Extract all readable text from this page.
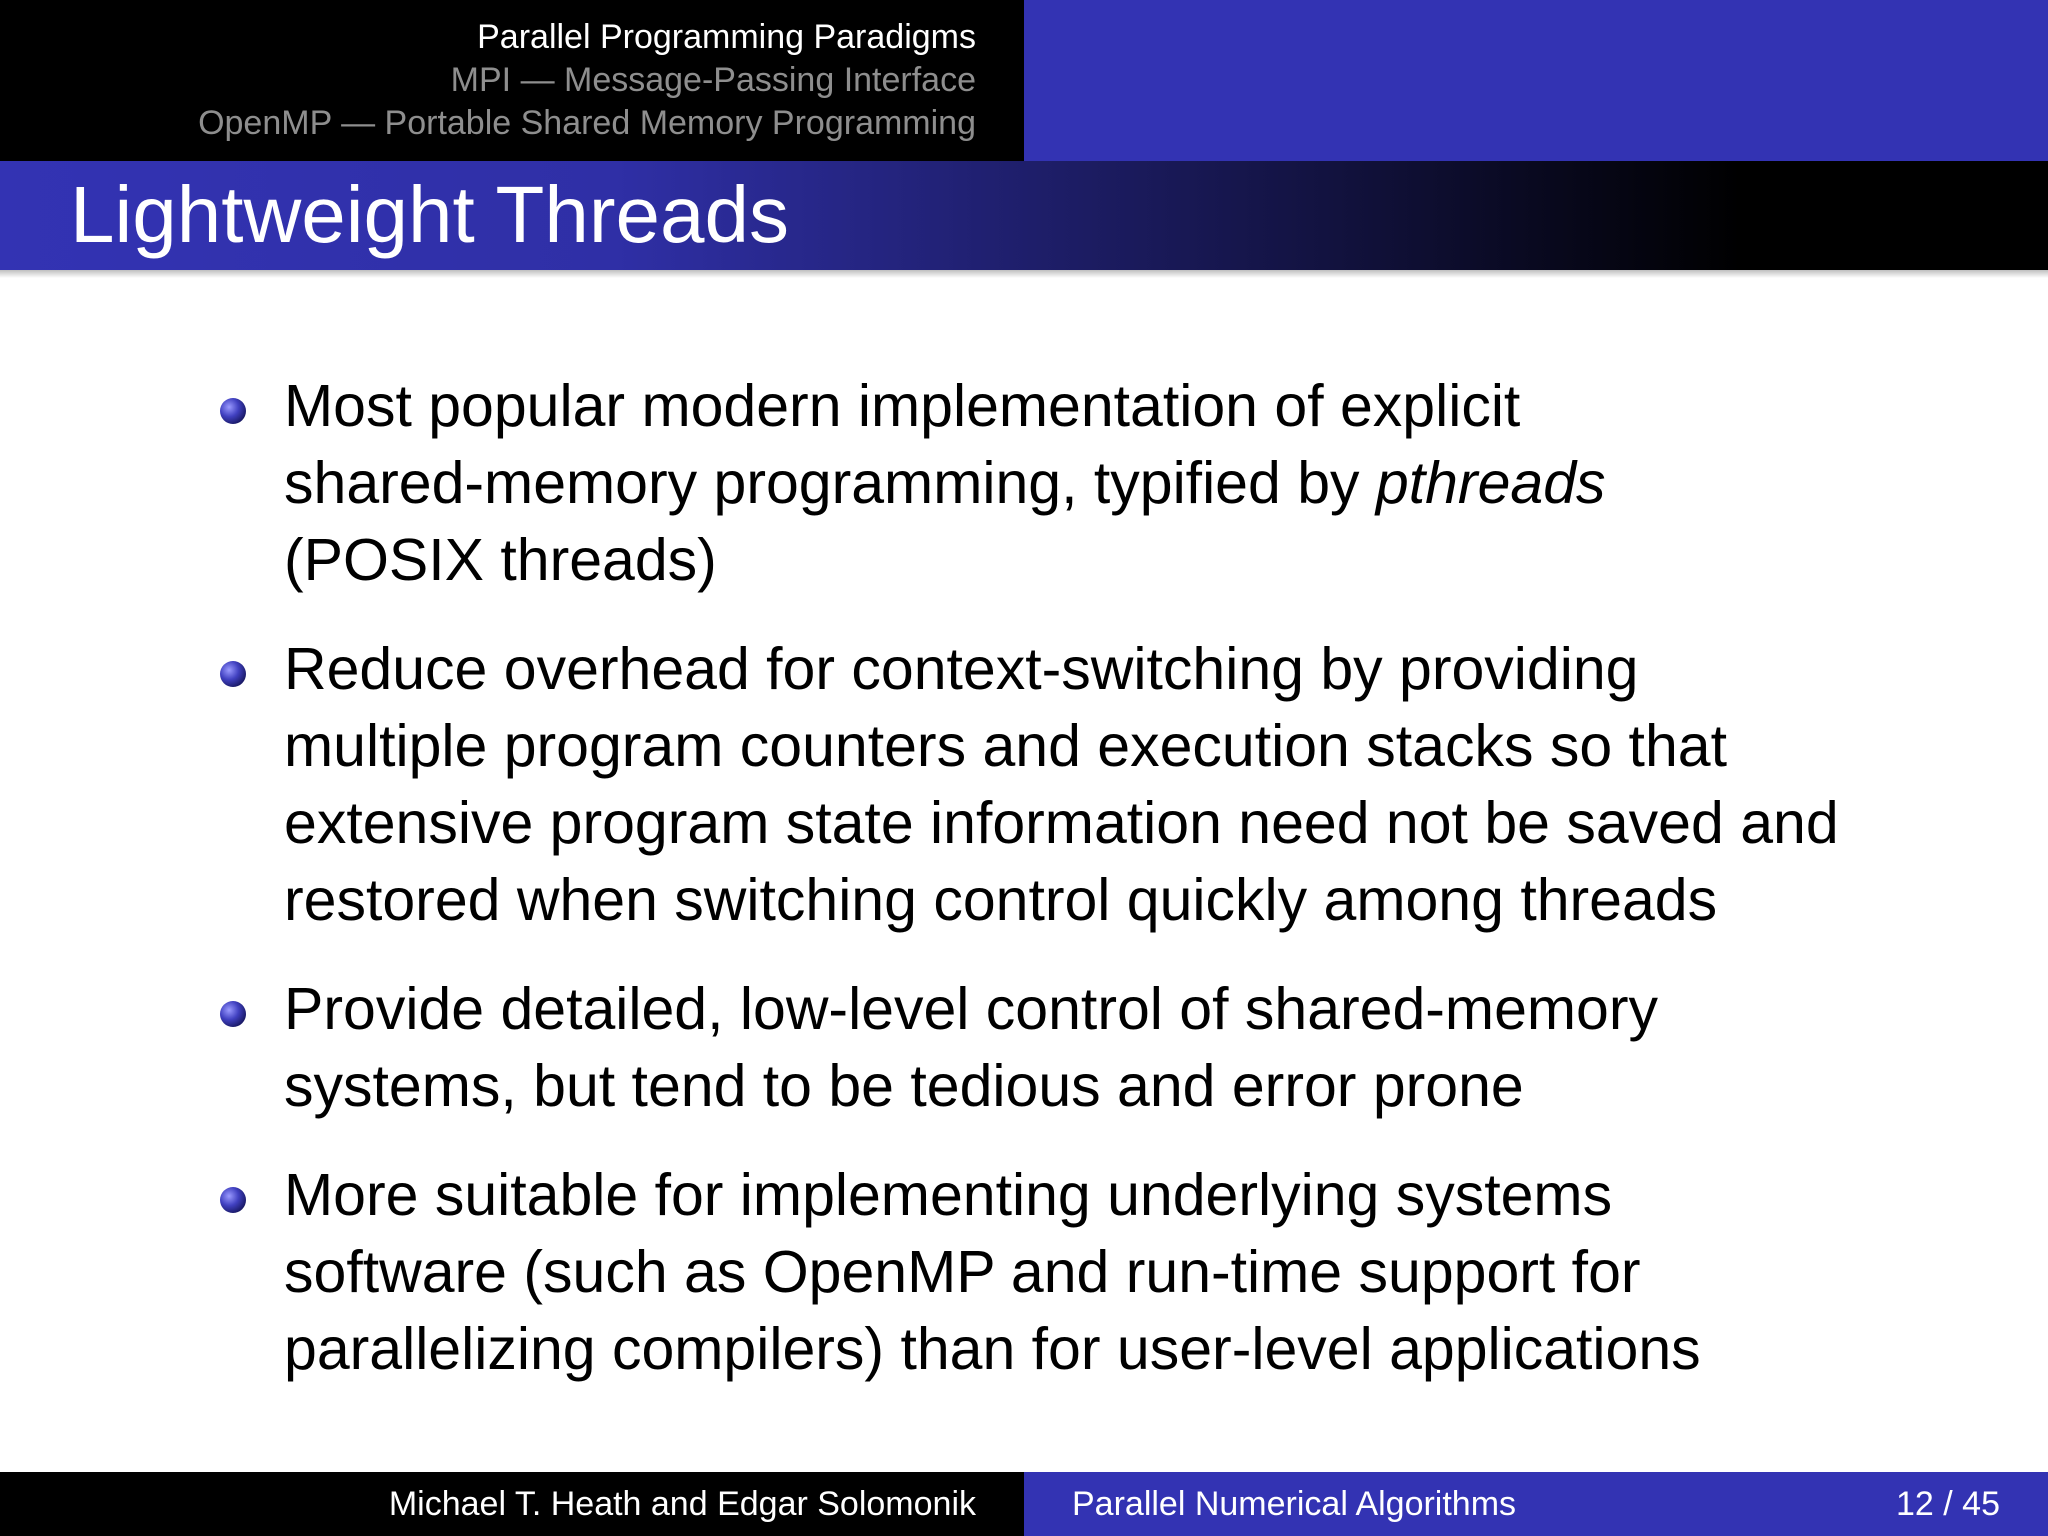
Parallel Programming Paradigms
MPI — Message-Passing Interface
OpenMP — Portable Shared Memory Programming
Lightweight Threads
Most popular modern implementation of explicit
shared-memory programming, typified by pthreads
(POSIX threads)
Reduce overhead for context-switching by providing
multiple program counters and execution stacks so that
extensive program state information need not be saved and
restored when switching control quickly among threads
Provide detailed, low-level control of shared-memory
systems, but tend to be tedious and error prone
More suitable for implementing underlying systems
software (such as OpenMP and run-time support for
parallelizing compilers) than for user-level applications
Michael T. Heath and Edgar Solomonik	Parallel Numerical Algorithms	12 / 45
